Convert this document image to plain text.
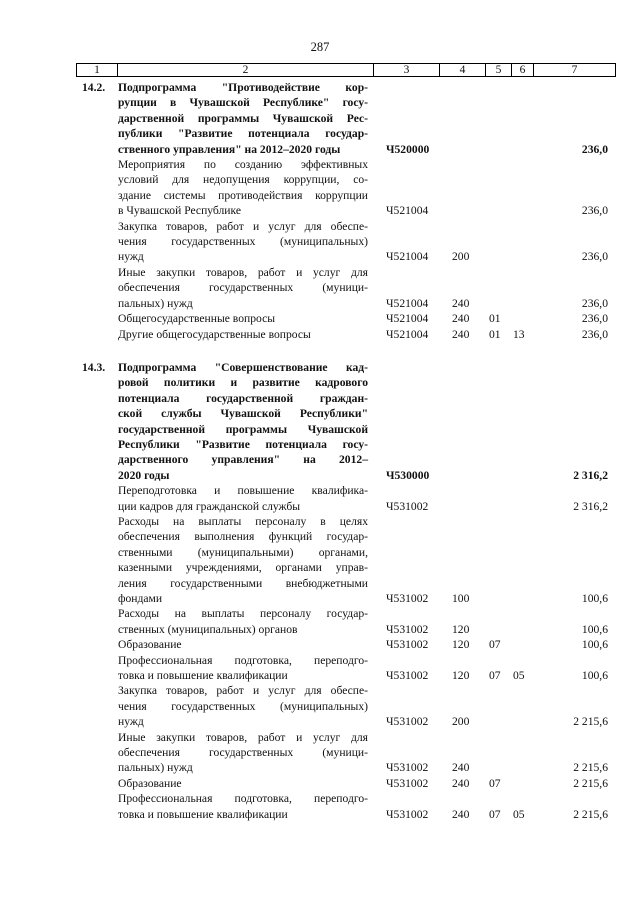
287
1	2	3	4	5	6	7
14.2.	Подпрограмма "Противодействие кор-
рупции в Чувашской Республике" госу-
дарственной программы Чувашской Рес-
публики "Развитие потенциала государ-
ственного управления" на 2012–2020 годы	Ч520000	236,0
Мероприятия по созданию эффективных
условий для недопущения коррупции, со-
здание системы противодействия коррупции
в Чувашской Республике	Ч521004	236,0
Закупка товаров, работ и услуг для обеспе-
чения государственных (муниципальных)
нужд	Ч521004 200	236,0
Иные закупки товаров, работ и услуг для
обеспечения государственных (муници-
пальных) нужд	Ч521004 240	236,0
Общегосударственные вопросы	Ч521004 240 01	236,0
Другие общегосударственные вопросы	Ч521004 240 01 13	236,0
14.3.	Подпрограмма "Совершенствование кад-
ровой политики и развитие кадрового
потенциала государственной граждан-
ской службы Чувашской Республики"
государственной программы Чувашской
Республики "Развитие потенциала госу-
дарственного управления" на 2012–
2020 годы	Ч530000	2 316,2
Переподготовка и повышение квалифика-
ции кадров для гражданской службы	Ч531002	2 316,2
Расходы на выплаты персоналу в целях
обеспечения выполнения функций государ-
ственными (муниципальными) органами,
казенными учреждениями, органами управ-
ления государственными внебюджетными
фондами	Ч531002 100	100,6
Расходы на выплаты персоналу государ-
ственных (муниципальных) органов	Ч531002 120	100,6
Образование	Ч531002 120 07	100,6
Профессиональная подготовка, переподго-
товка и повышение квалификации	Ч531002 120 07 05	100,6
Закупка товаров, работ и услуг для обеспе-
чения государственных (муниципальных)
нужд	Ч531002 200	2 215,6
Иные закупки товаров, работ и услуг для
обеспечения государственных (муници-
пальных) нужд	Ч531002 240	2 215,6
Образование	Ч531002 240 07	2 215,6
Профессиональная подготовка, переподго-
товка и повышение квалификации	Ч531002 240 07 05	2 215,6
